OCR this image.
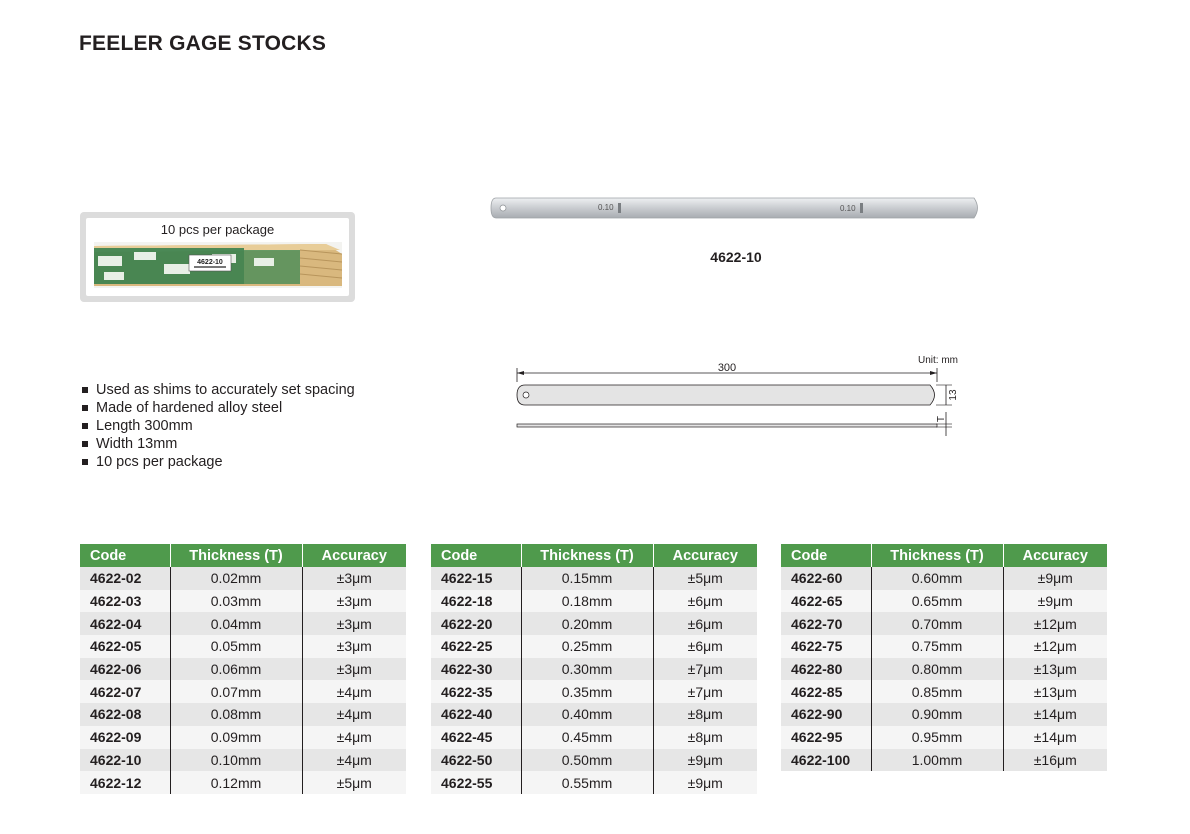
FEELER GAGE STOCKS
10 pcs per package
4622-10
0.10	0.10
4622-10
Unit: mm
300
13
T
Used as shims to accurately set spacing
Made of hardened alloy steel
Length 300mm
Width 13mm
10 pcs per package
Code	Thickness (T)	Accuracy
4622-02	0.02mm	±3μm
4622-03	0.03mm	±3μm
4622-04	0.04mm	±3μm
4622-05	0.05mm	±3μm
4622-06	0.06mm	±3μm
4622-07	0.07mm	±4μm
4622-08	0.08mm	±4μm
4622-09	0.09mm	±4μm
4622-10	0.10mm	±4μm
4622-12	0.12mm	±5μm
Code	Thickness (T)	Accuracy
4622-15	0.15mm	±5μm
4622-18	0.18mm	±6μm
4622-20	0.20mm	±6μm
4622-25	0.25mm	±6μm
4622-30	0.30mm	±7μm
4622-35	0.35mm	±7μm
4622-40	0.40mm	±8μm
4622-45	0.45mm	±8μm
4622-50	0.50mm	±9μm
4622-55	0.55mm	±9μm
Code	Thickness (T)	Accuracy
4622-60	0.60mm	±9μm
4622-65	0.65mm	±9μm
4622-70	0.70mm	±12μm
4622-75	0.75mm	±12μm
4622-80	0.80mm	±13μm
4622-85	0.85mm	±13μm
4622-90	0.90mm	±14μm
4622-95	0.95mm	±14μm
4622-100	1.00mm	±16μm
